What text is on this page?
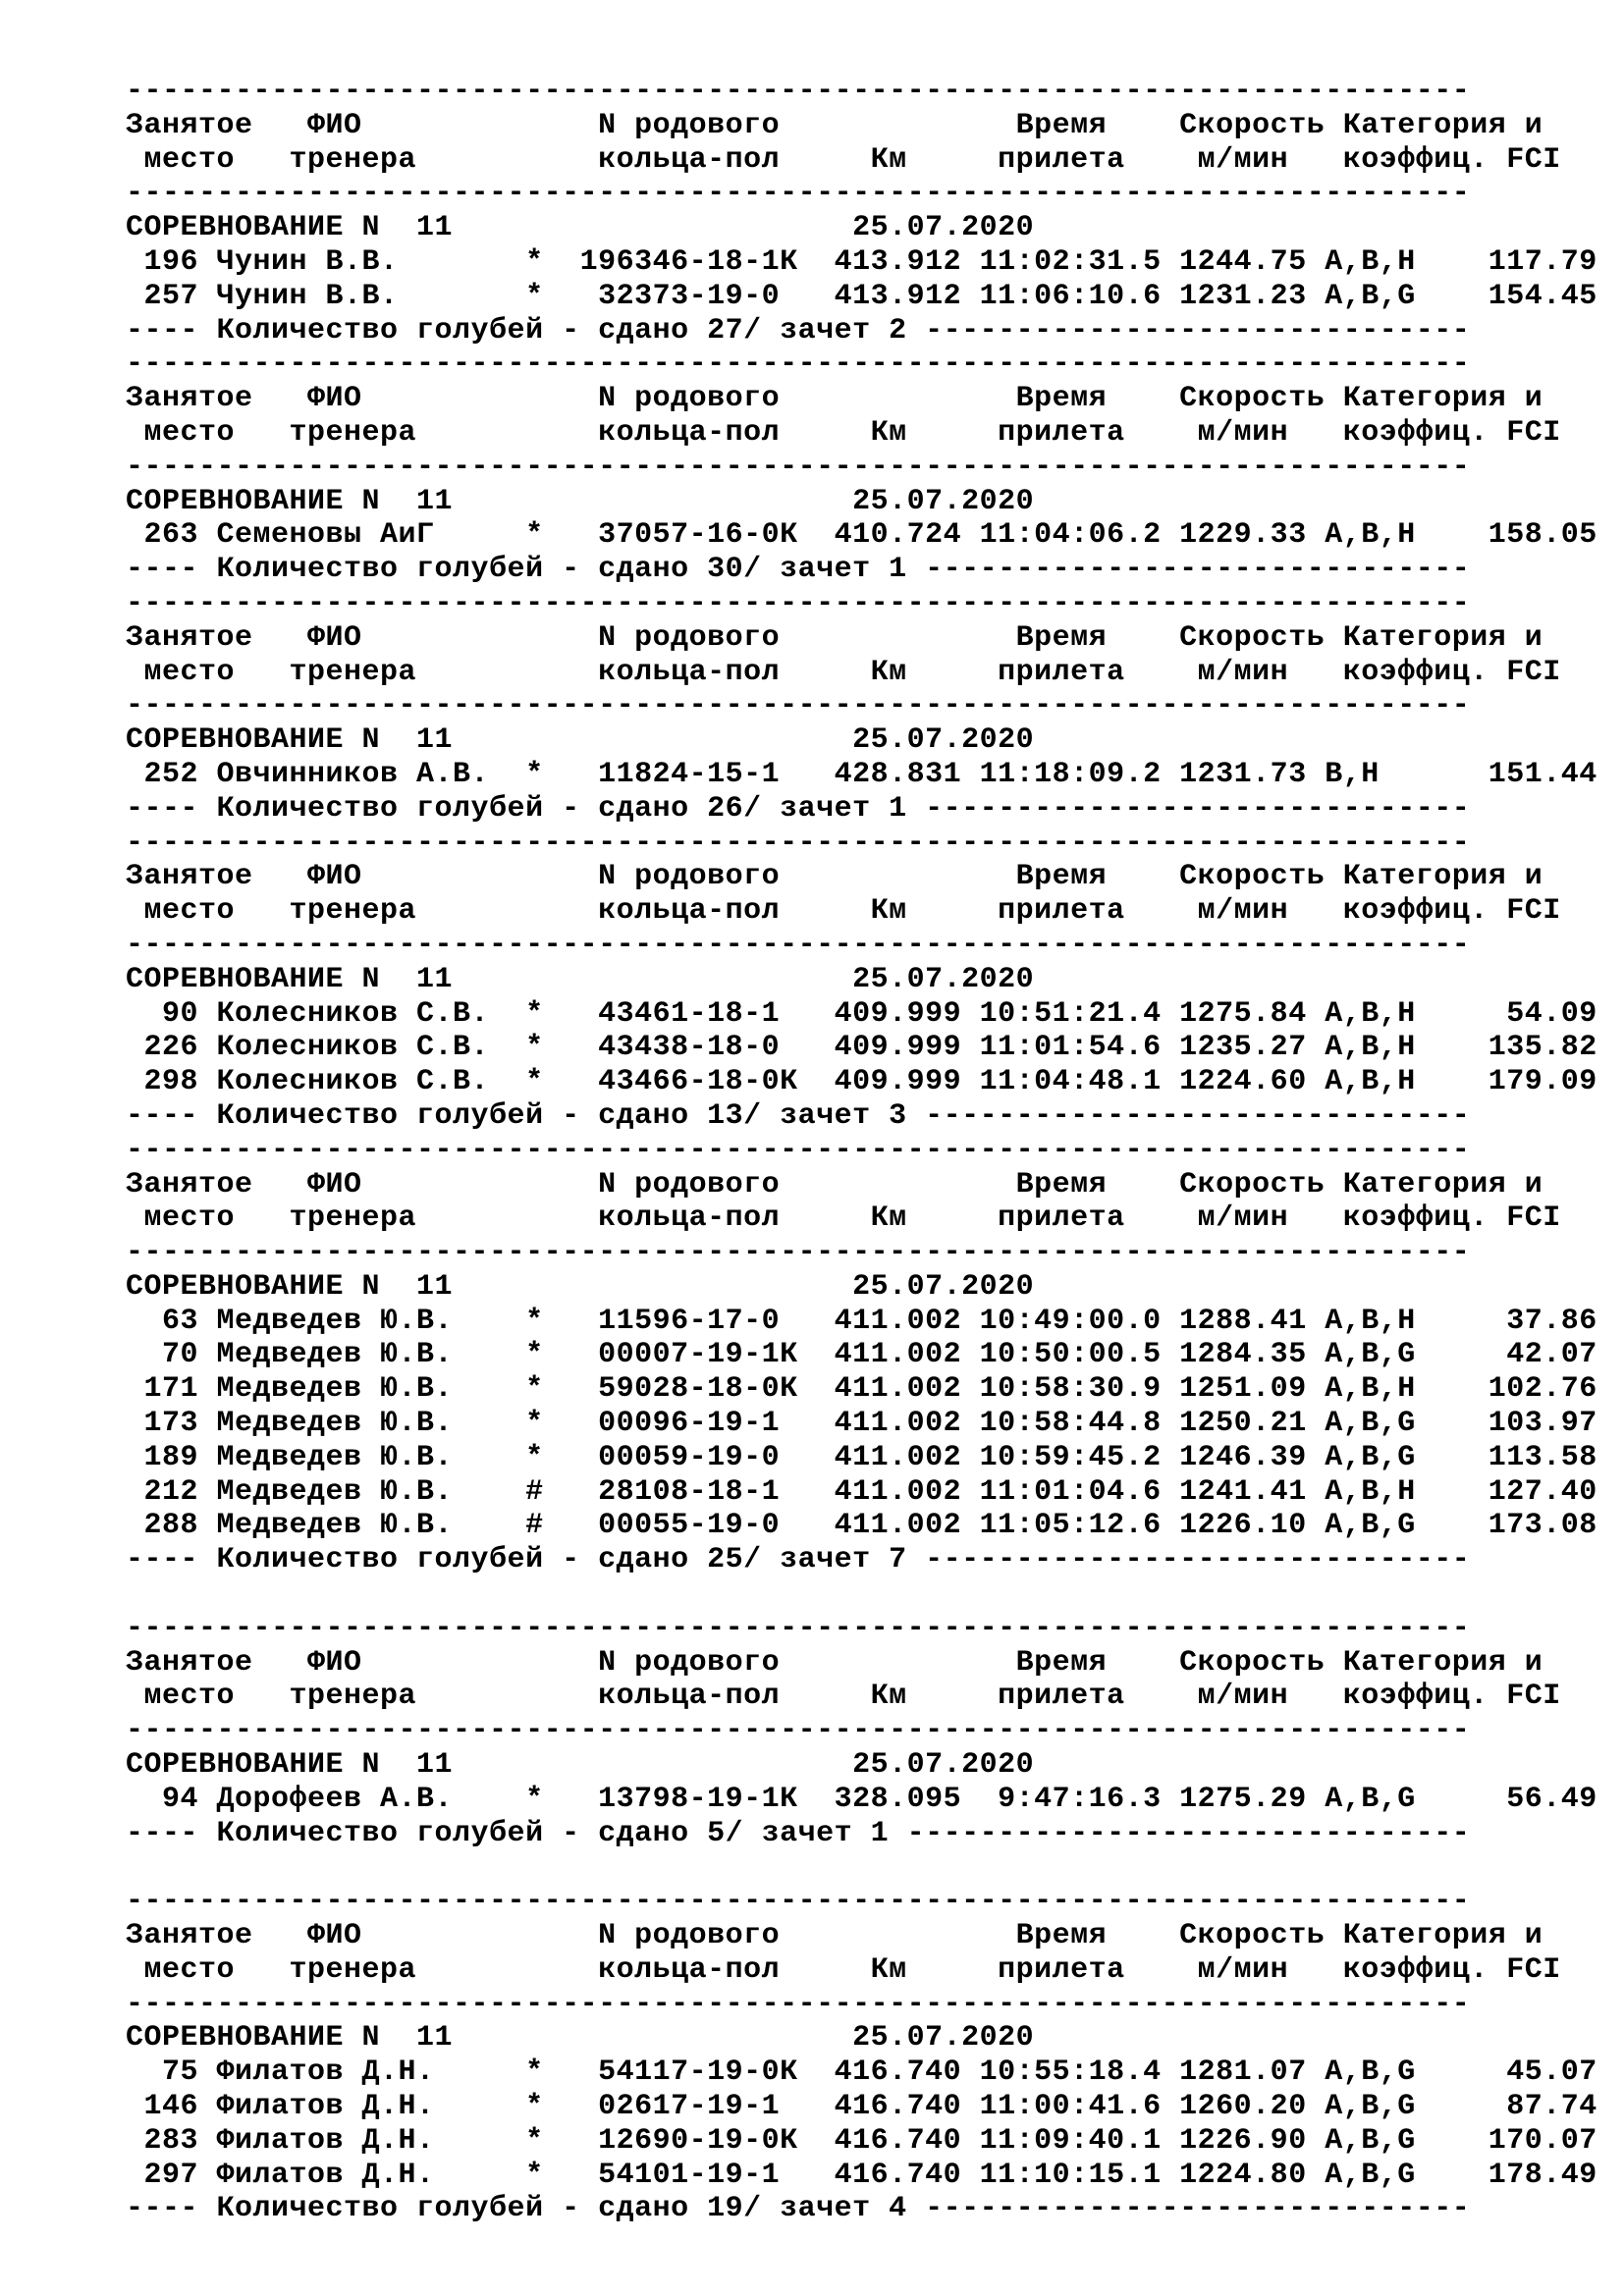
--------------------------------------------------------------------------
Занятое   ФИО             N родового             Время    Скорость Категория и
место   тренера          кольца-пол     Км     прилета    м/мин   коэффиц. FCI
--------------------------------------------------------------------------
СОРЕВНОВАНИЕ N  11                      25.07.2020
196 Чунин В.В.       *  196346-18-1К  413.912 11:02:31.5 1244.75 A,B,H    117.79
257 Чунин В.В.       *   32373-19-0   413.912 11:06:10.6 1231.23 A,B,G    154.45
---- Количество голубей - сдано 27/ зачет 2 ------------------------------
--------------------------------------------------------------------------
Занятое   ФИО             N родового             Время    Скорость Категория и
место   тренера          кольца-пол     Км     прилета    м/мин   коэффиц. FCI
--------------------------------------------------------------------------
СОРЕВНОВАНИЕ N  11                      25.07.2020
263 Семеновы АиГ     *   37057-16-0К  410.724 11:04:06.2 1229.33 A,B,H    158.05
---- Количество голубей - сдано 30/ зачет 1 ------------------------------
--------------------------------------------------------------------------
Занятое   ФИО             N родового             Время    Скорость Категория и
место   тренера          кольца-пол     Км     прилета    м/мин   коэффиц. FCI
--------------------------------------------------------------------------
СОРЕВНОВАНИЕ N  11                      25.07.2020
252 Овчинников А.В.  *   11824-15-1   428.831 11:18:09.2 1231.73 B,H      151.44
---- Количество голубей - сдано 26/ зачет 1 ------------------------------
--------------------------------------------------------------------------
Занятое   ФИО             N родового             Время    Скорость Категория и
место   тренера          кольца-пол     Км     прилета    м/мин   коэффиц. FCI
--------------------------------------------------------------------------
СОРЕВНОВАНИЕ N  11                      25.07.2020
90 Колесников С.В.  *   43461-18-1   409.999 10:51:21.4 1275.84 A,B,H     54.09
226 Колесников С.В.  *   43438-18-0   409.999 11:01:54.6 1235.27 A,B,H    135.82
298 Колесников С.В.  *   43466-18-0К  409.999 11:04:48.1 1224.60 A,B,H    179.09
---- Количество голубей - сдано 13/ зачет 3 ------------------------------
--------------------------------------------------------------------------
Занятое   ФИО             N родового             Время    Скорость Категория и
место   тренера          кольца-пол     Км     прилета    м/мин   коэффиц. FCI
--------------------------------------------------------------------------
СОРЕВНОВАНИЕ N  11                      25.07.2020
63 Медведев Ю.В.    *   11596-17-0   411.002 10:49:00.0 1288.41 A,B,H     37.86
70 Медведев Ю.В.    *   00007-19-1К  411.002 10:50:00.5 1284.35 A,B,G     42.07
171 Медведев Ю.В.    *   59028-18-0К  411.002 10:58:30.9 1251.09 A,B,H    102.76
173 Медведев Ю.В.    *   00096-19-1   411.002 10:58:44.8 1250.21 A,B,G    103.97
189 Медведев Ю.В.    *   00059-19-0   411.002 10:59:45.2 1246.39 A,B,G    113.58
212 Медведев Ю.В.    #   28108-18-1   411.002 11:01:04.6 1241.41 A,B,H    127.40
288 Медведев Ю.В.    #   00055-19-0   411.002 11:05:12.6 1226.10 A,B,G    173.08
---- Количество голубей - сдано 25/ зачет 7 ------------------------------

--------------------------------------------------------------------------
Занятое   ФИО             N родового             Время    Скорость Категория и
место   тренера          кольца-пол     Км     прилета    м/мин   коэффиц. FCI
--------------------------------------------------------------------------
СОРЕВНОВАНИЕ N  11                      25.07.2020
94 Дорофеев А.В.    *   13798-19-1К  328.095  9:47:16.3 1275.29 A,B,G     56.49
---- Количество голубей - сдано 5/ зачет 1 -------------------------------

--------------------------------------------------------------------------
Занятое   ФИО             N родового             Время    Скорость Категория и
место   тренера          кольца-пол     Км     прилета    м/мин   коэффиц. FCI
--------------------------------------------------------------------------
СОРЕВНОВАНИЕ N  11                      25.07.2020
75 Филатов Д.Н.     *   54117-19-0К  416.740 10:55:18.4 1281.07 A,B,G     45.07
146 Филатов Д.Н.     *   02617-19-1   416.740 11:00:41.6 1260.20 A,B,G     87.74
283 Филатов Д.Н.     *   12690-19-0К  416.740 11:09:40.1 1226.90 A,B,G    170.07
297 Филатов Д.Н.     *   54101-19-1   416.740 11:10:15.1 1224.80 A,B,G    178.49
---- Количество голубей - сдано 19/ зачет 4 ------------------------------
